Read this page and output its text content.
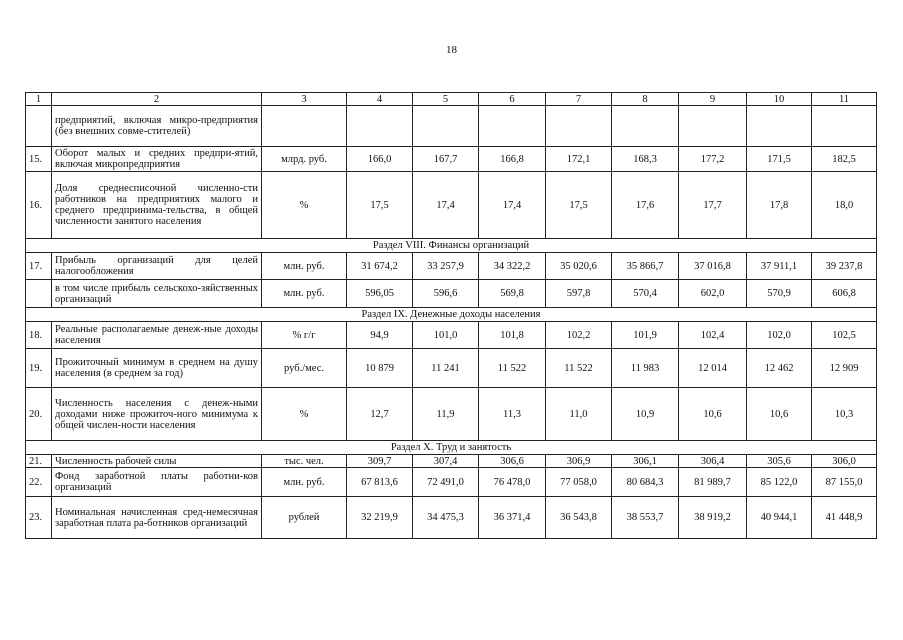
18
1	2	3	4	5	6	7	8	9	10	11
	предприятий, включая микро-предприятия (без внешних совме-стителей)									
15.	Оборот малых и средних предпри-ятий, включая микропредприятия	млрд. руб.	166,0	167,7	166,8	172,1	168,3	177,2	171,5	182,5
16.	Доля среднесписочной численно-сти работников на предприятиях малого и среднего предпринима-тельства, в общей численности занятого населения	%	17,5	17,4	17,4	17,5	17,6	17,7	17,8	18,0
Раздел VIII. Финансы организаций										
17.	Прибыль организаций для целей налогообложения	млн. руб.	31 674,2	33 257,9	34 322,2	35 020,6	35 866,7	37 016,8	37 911,1	39 237,8
	в том числе прибыль сельскохо-зяйственных организаций	млн. руб.	596,05	596,6	569,8	597,8	570,4	602,0	570,9	606,8
Раздел IX. Денежные доходы населения										
18.	Реальные располагаемые денеж-ные доходы населения	% г/г	94,9	101,0	101,8	102,2	101,9	102,4	102,0	102,5
19.	Прожиточный минимум в среднем на душу населения (в среднем за год)	руб./мес.	10 879	11 241	11 522	11 522	11 983	12 014	12 462	12 909
20.	Численность населения с денеж-ными доходами ниже прожиточ-ного минимума к общей числен-ности населения	%	12,7	11,9	11,3	11,0	10,9	10,6	10,6	10,3
Раздел X. Труд и занятость										
21.	Численность рабочей силы	тыс. чел.	309,7	307,4	306,6	306,9	306,1	306,4	305,6	306,0
22.	Фонд заработной платы работни-ков организаций	млн. руб.	67 813,6	72 491,0	76 478,0	77 058,0	80 684,3	81 989,7	85 122,0	87 155,0
23.	Номинальная начисленная сред-немесячная заработная плата ра-ботников организаций	рублей	32 219,9	34 475,3	36 371,4	36 543,8	38 553,7	38 919,2	40 944,1	41 448,9
